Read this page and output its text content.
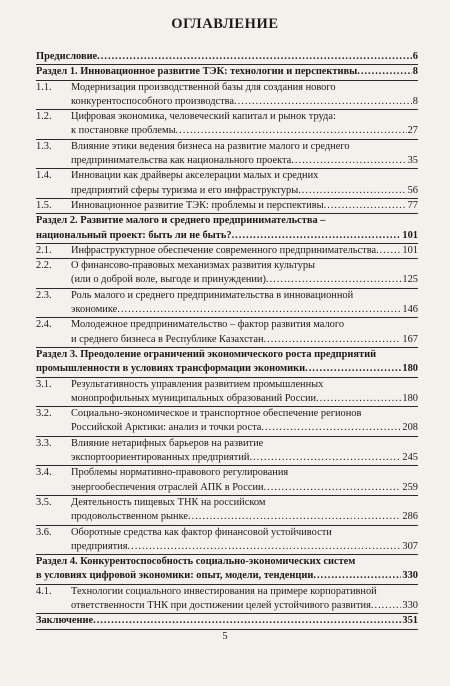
ОГЛАВЛЕНИЕ
Предисловие .....	6
Раздел 1. Инновационное развитие ТЭК: технологии и перспективы .....	8
1.1.	Модернизация производственной базы для создания нового
конкурентоспособного производства .....	8
1.2.	Цифровая экономика, человеческий капитал и рынок труда:
к постановке проблемы .....	27
1.3.	Влияние этики ведения бизнеса на развитие малого и среднего
предпринимательства как национального проекта .....	35
1.4.	Инновации как драйверы акселерации малых и средних
предприятий сферы туризма и его инфраструктуры .....	56
1.5.	Инновационное развитие ТЭК: проблемы и перспективы .....	77
Раздел 2. Развитие малого и среднего предпринимательства –
национальный проект: быть ли не быть? .....	101
2.1.	Инфраструктурное обеспечение современного предпринимательства .....	101
2.2.	О финансово-правовых механизмах развития культуры
(или о доброй воле, выгоде и принуждении) .....	125
2.3.	Роль малого и среднего предпринимательства в инновационной
экономике .....	146
2.4.	Молодежное предпринимательство – фактор развития малого
и среднего бизнеса в Республике Казахстан .....	167
Раздел 3. Преодоление ограничений экономического роста предприятий
промышленности в условиях трансформации экономики .....	180
3.1.	Результативность управления развитием промышленных
монопрофильных муниципальных образований России .....	180
3.2.	Социально-экономическое и транспортное обеспечение регионов
Российской Арктики: анализ и точки роста .....	208
3.3.	Влияние нетарифных барьеров на развитие
экспортоориентированных предприятий .....	245
3.4.	Проблемы нормативно-правового регулирования
энергообеспечения отраслей АПК в России .....	259
3.5.	Деятельность пищевых ТНК на российском
продовольственном рынке .....	286
3.6.	Оборотные средства как фактор финансовой устойчивости
предприятия .....	307
Раздел 4. Конкурентоспособность социально-экономических систем
в условиях цифровой экономики: опыт, модели, тенденции .....	330
4.1.	Технологии социального инвестирования на примере корпоративной
ответственности ТНК при достижении целей устойчивого развития .....	330
Заключение .....	351
5
